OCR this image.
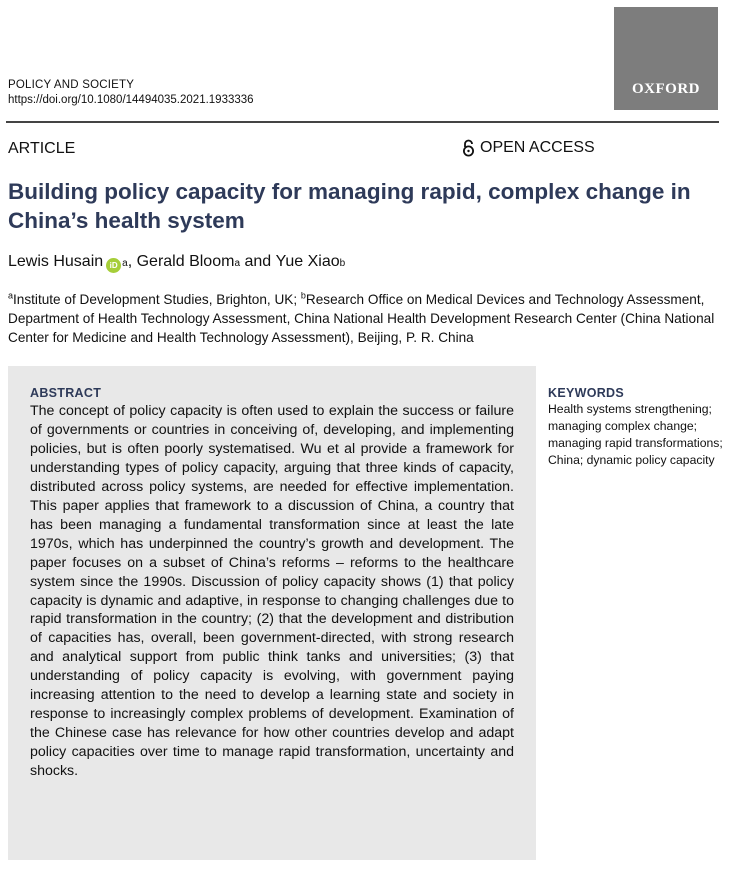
POLICY AND SOCIETY
https://doi.org/10.1080/14494035.2021.1933336
OXFORD
ARTICLE	OPEN ACCESS
Building policy capacity for managing rapid, complex change in China’s health system
Lewis Husain iD a , Gerald Bloom a and Yue Xiao b

$^a$Institute of Development Studies, Brighton, UK; $^b$Research Office on Medical Devices and Technology Assessment, Department of Health Technology Assessment, China National Health Development Research Center (China National Center for Medicine and Health Technology Assessment), Beijing, P. R. China

ABSTRACT

The concept of policy capacity is often used to explain the success or failure of governments or countries in conceiving of, developing, and implementing policies, but is often poorly systematised. Wu et al provide a framework for understanding types of policy capacity, arguing that three kinds of capacity, distributed across policy systems, are needed for effective implementation. This paper applies that framework to a discussion of China, a country that has been managing a fundamental transformation since at least the late 1970s, which has underpinned the country’s growth and development. The paper focuses on a subset of China’s reforms – reforms to the healthcare system since the 1990s. Discussion of policy capacity shows (1) that policy capacity is dynamic and adaptive, in response to changing challenges due to rapid transformation in the country; (2) that the development and distribution of capacities has, overall, been government-directed, with strong research and analytical support from public think tanks and universities; (3) that understanding of policy capacity is evolving, with government paying increasing attention to the need to develop a learning state and society in response to increasingly complex problems of development. Examination of the Chinese case has relevance for how other countries develop and adapt policy capacities over time to manage rapid transformation, uncertainty and shocks.

KEYWORDS

Health systems strengthening; managing complex change; managing rapid transformations; China; dynamic policy capacity
